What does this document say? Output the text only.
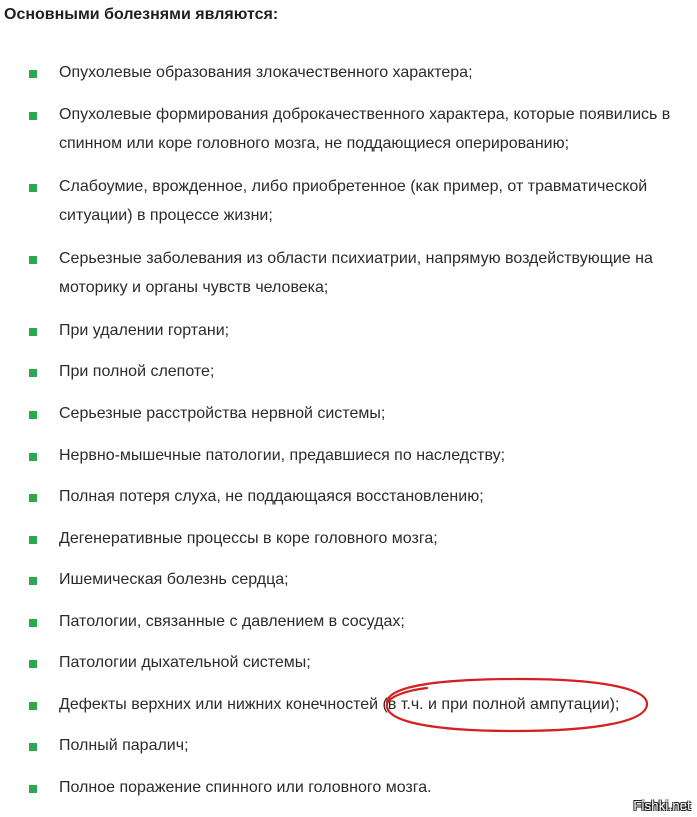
Основными болезнями являются:
Опухолевые образования злокачественного характера;
Опухолевые формирования доброкачественного характера, которые появились в спинном или коре головного мозга, не поддающиеся оперированию;
Слабоумие, врожденное, либо приобретенное (как пример, от травматической ситуации) в процессе жизни;
Серьезные заболевания из области психиатрии, напрямую воздействующие на моторику и органы чувств человека;
При удалении гортани;
При полной слепоте;
Серьезные расстройства нервной системы;
Нервно-мышечные патологии, предавшиеся по наследству;
Полная потеря слуха, не поддающаяся восстановлению;
Дегенеративные процессы в коре головного мозга;
Ишемическая болезнь сердца;
Патологии, связанные с давлением в сосудах;
Патологии дыхательной системы;
Дефекты верхних или нижних конечностей (в т.ч. и при полной ампутации);
Полный паралич;
Полное поражение спинного или головного мозга.
Fishki.net
